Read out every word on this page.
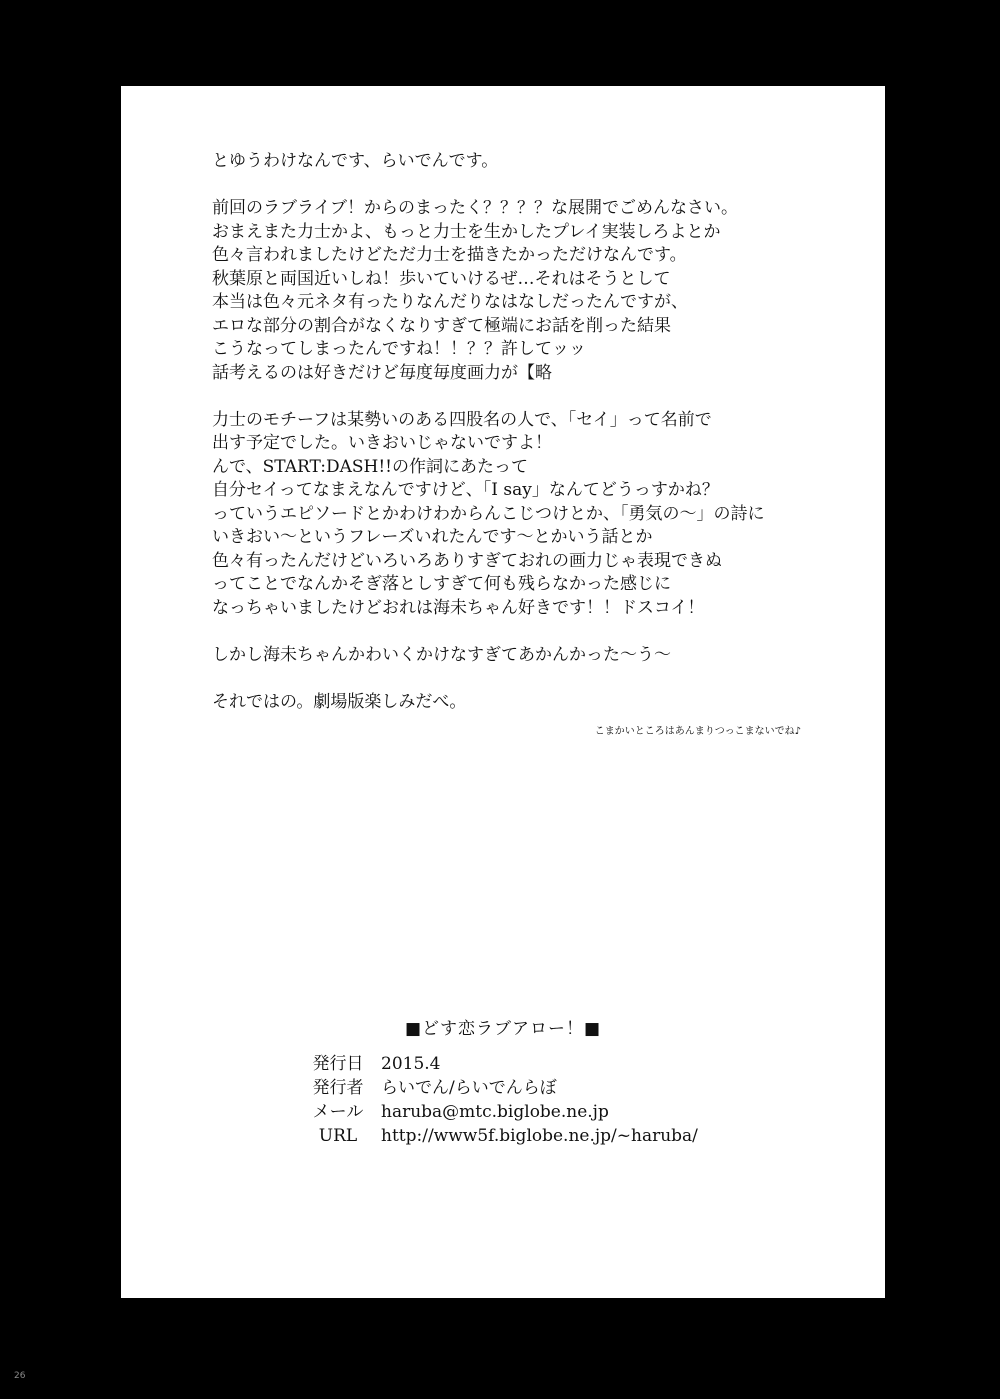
とゆうわけなんです、らいでんです。
前回のラブライブ！からのまったく？？？？な展開でごめんなさい。
おまえまた力士かよ、もっと力士を生かしたプレイ実装しろよとか
色々言われましたけどただ力士を描きたかっただけなんです。
秋葉原と両国近いしね！歩いていけるぜ…それはそうとして
本当は色々元ネタ有ったりなんだりなはなしだったんですが、
エロな部分の割合がなくなりすぎて極端にお話を削った結果
こうなってしまったんですね！！？？許してッッ
話考えるのは好きだけど毎度毎度画力が【略
力士のモチーフは某勢いのある四股名の人で、「セイ」って名前で
出す予定でした。いきおいじゃないですよ！
んで、START:DASH!!の作詞にあたって
自分セイってなまえなんですけど、「I say」なんてどうっすかね？
っていうエピソードとかわけわからんこじつけとか、「勇気の～」の詩に
いきおい～というフレーズいれたんです～とかいう話とか
色々有ったんだけどいろいろありすぎておれの画力じゃ表現できぬ
ってことでなんかそぎ落としすぎて何も残らなかった感じに
なっちゃいましたけどおれは海未ちゃん好きです！！ドスコイ！
しかし海未ちゃんかわいくかけなすぎてあかんかった～う～
それではの。劇場版楽しみだべ。
こまかいところはあんまりつっこまないでね♪
■どす恋ラブアロー！■
発行日	2015.4
発行者	らいでん/らいでんらぼ
メール	haruba@mtc.biglobe.ne.jp
URL	http://www5f.biglobe.ne.jp/~haruba/
26
